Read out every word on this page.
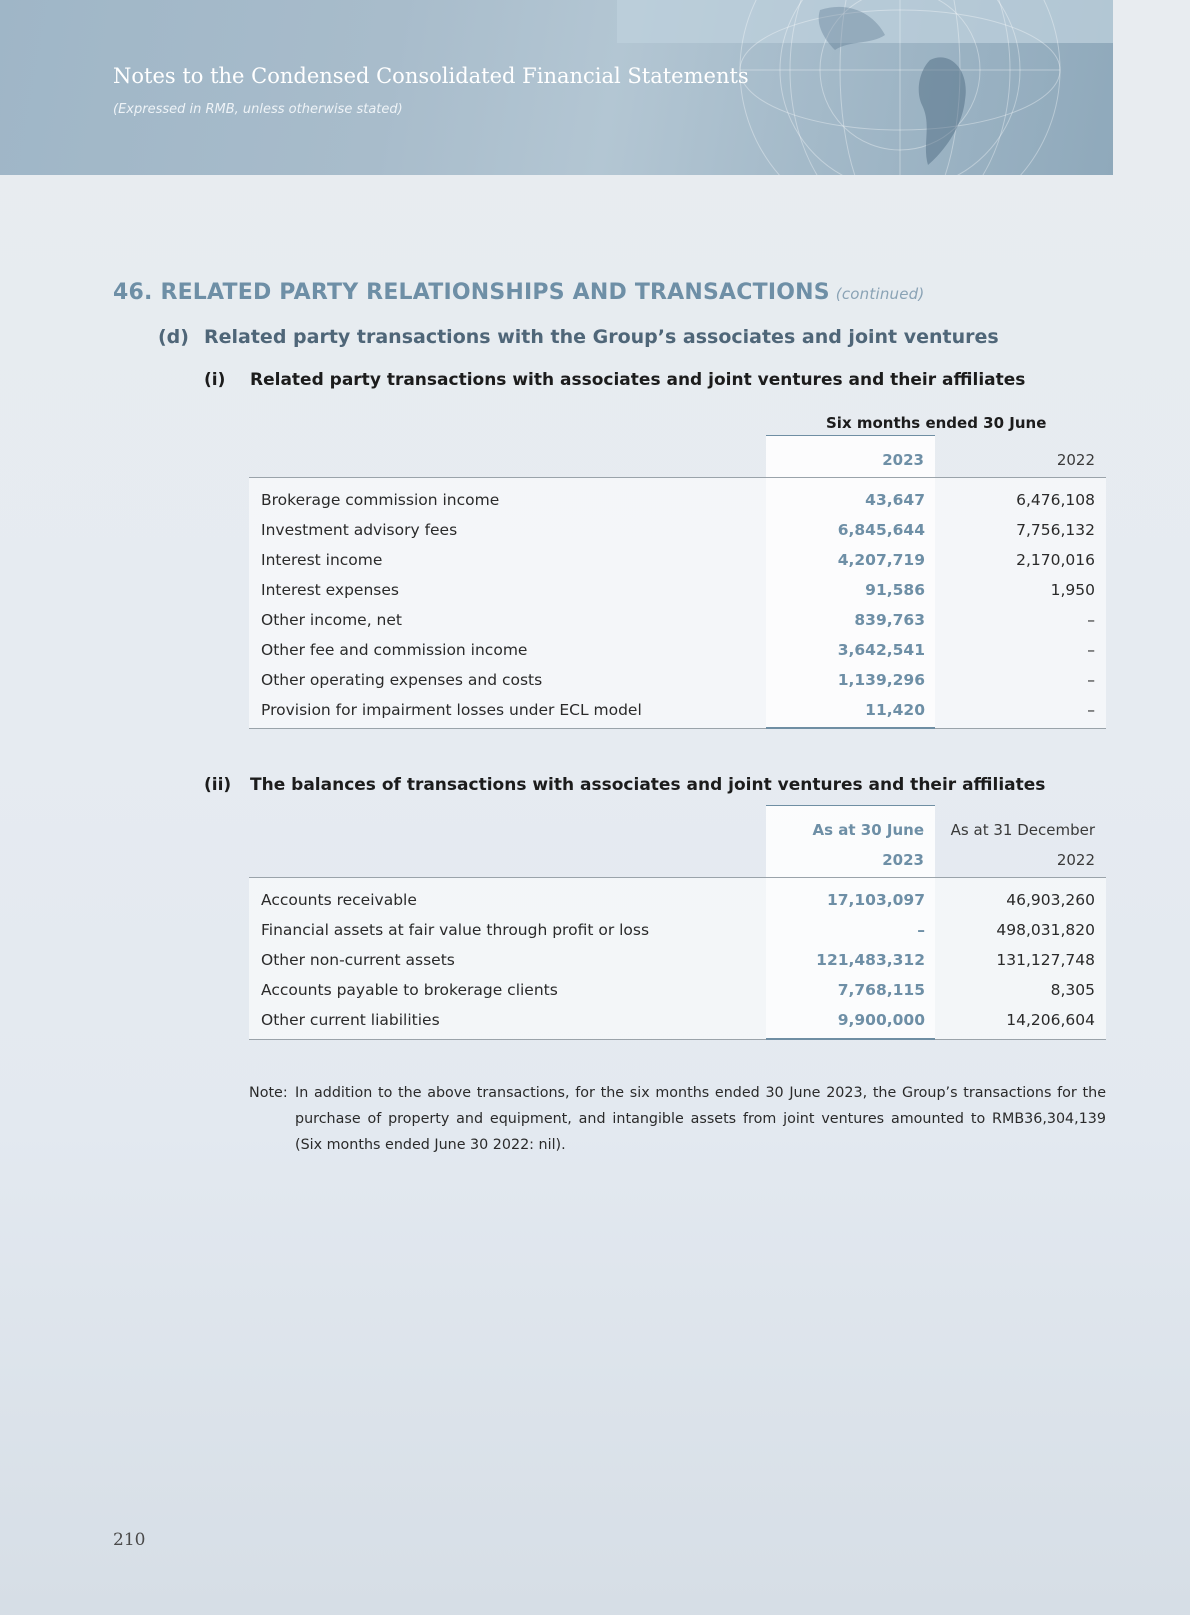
Notes to the Condensed Consolidated Financial Statements
(Expressed in RMB, unless otherwise stated)
46. RELATED PARTY RELATIONSHIPS AND TRANSACTIONS (continued)
(d) Related party transactions with the Group’s associates and joint ventures
(i) Related party transactions with associates and joint ventures and their affiliates
Six months ended 30 June
2023	2022
Brokerage commission income	43,647	6,476,108
Investment advisory fees	6,845,644	7,756,132
Interest income	4,207,719	2,170,016
Interest expenses	91,586	1,950
Other income, net	839,763	–
Other fee and commission income	3,642,541	–
Other operating expenses and costs	1,139,296	–
Provision for impairment losses under ECL model	11,420	–
(ii) The balances of transactions with associates and joint ventures and their affiliates
As at 30 June
2023
As at 31 December
2022
Accounts receivable	17,103,097	46,903,260
Financial assets at fair value through profit or loss	–	498,031,820
Other non-current assets	121,483,312	131,127,748
Accounts payable to brokerage clients	7,768,115	8,305
Other current liabilities	9,900,000	14,206,604
Note: In addition to the above transactions, for the six months ended 30 June 2023, the Group’s transactions for the purchase of property and equipment, and intangible assets from joint ventures amounted to RMB36,304,139 (Six months ended June 30 2022: nil).
210
